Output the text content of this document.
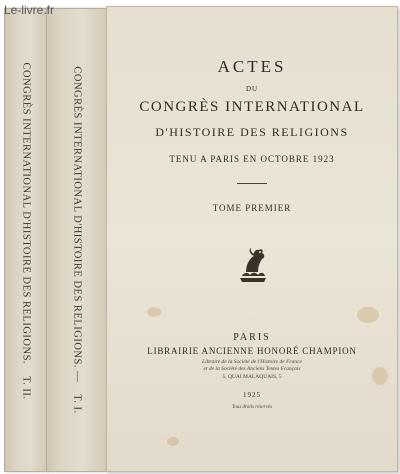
Le-livre.fr
CONGRÈS INTERNATIONAL D'HISTOIRE DES RELIGIONS.T. II.
CONGRÈS INTERNATIONAL D'HISTOIRE DES RELIGIONS. —T. I.
ACTES
DU
CONGRÈS INTERNATIONAL
D'HISTOIRE DES RELIGIONS
TENU A PARIS EN OCTOBRE 1923
TOME PREMIER
PARIS
LIBRAIRIE ANCIENNE HONORÉ CHAMPION
Libraire de la Société de l'Histoire de France
et de la Société des Anciens Textes Français
5, QUAI MALAQUAIS, 5
1925
Tous droits réservés
